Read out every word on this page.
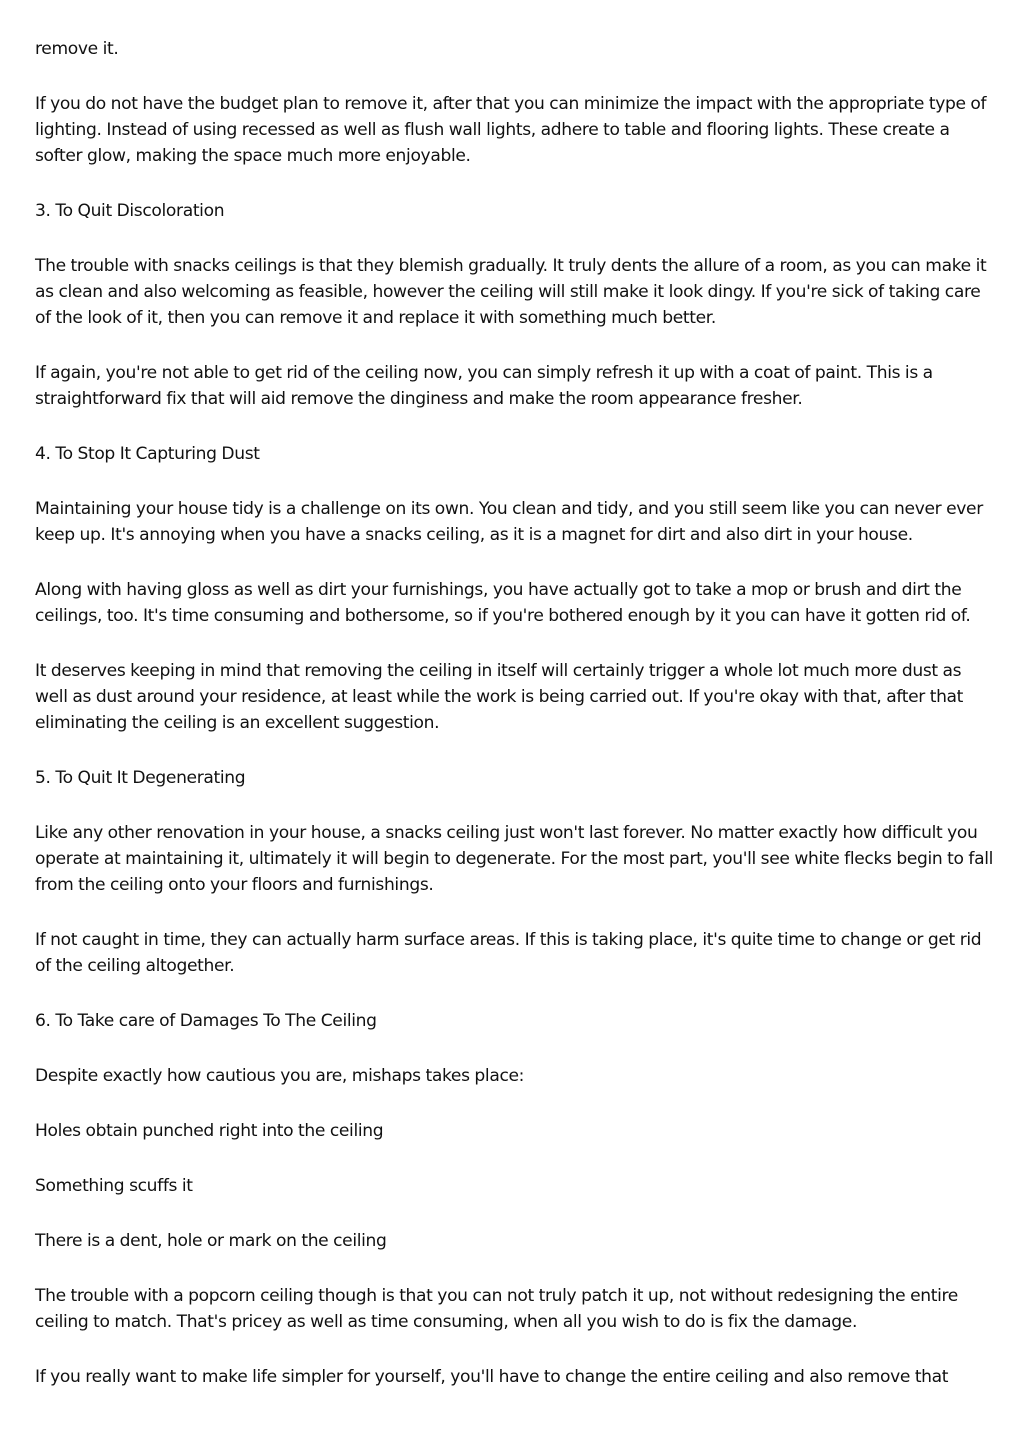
remove it.

If you do not have the budget plan to remove it, after that you can minimize the impact with the appropriate type of lighting. Instead of using recessed as well as flush wall lights, adhere to table and flooring lights. These create a softer glow, making the space much more enjoyable.

3. To Quit Discoloration

The trouble with snacks ceilings is that they blemish gradually. It truly dents the allure of a room, as you can make it as clean and also welcoming as feasible, however the ceiling will still make it look dingy. If you're sick of taking care of the look of it, then you can remove it and replace it with something much better.

If again, you're not able to get rid of the ceiling now, you can simply refresh it up with a coat of paint. This is a straightforward fix that will aid remove the dinginess and make the room appearance fresher.

4. To Stop It Capturing Dust

Maintaining your house tidy is a challenge on its own. You clean and tidy, and you still seem like you can never ever keep up. It's annoying when you have a snacks ceiling, as it is a magnet for dirt and also dirt in your house.

Along with having gloss as well as dirt your furnishings, you have actually got to take a mop or brush and dirt the ceilings, too. It's time consuming and bothersome, so if you're bothered enough by it you can have it gotten rid of.

It deserves keeping in mind that removing the ceiling in itself will certainly trigger a whole lot much more dust as well as dust around your residence, at least while the work is being carried out. If you're okay with that, after that eliminating the ceiling is an excellent suggestion.

5. To Quit It Degenerating

Like any other renovation in your house, a snacks ceiling just won't last forever. No matter exactly how difficult you operate at maintaining it, ultimately it will begin to degenerate. For the most part, you'll see white flecks begin to fall from the ceiling onto your floors and furnishings.

If not caught in time, they can actually harm surface areas. If this is taking place, it's quite time to change or get rid of the ceiling altogether.

6. To Take care of Damages To The Ceiling

Despite exactly how cautious you are, mishaps takes place:

Holes obtain punched right into the ceiling

Something scuffs it

There is a dent, hole or mark on the ceiling

The trouble with a popcorn ceiling though is that you can not truly patch it up, not without redesigning the entire ceiling to match. That's pricey as well as time consuming, when all you wish to do is fix the damage.

If you really want to make life simpler for yourself, you'll have to change the entire ceiling and also remove that
